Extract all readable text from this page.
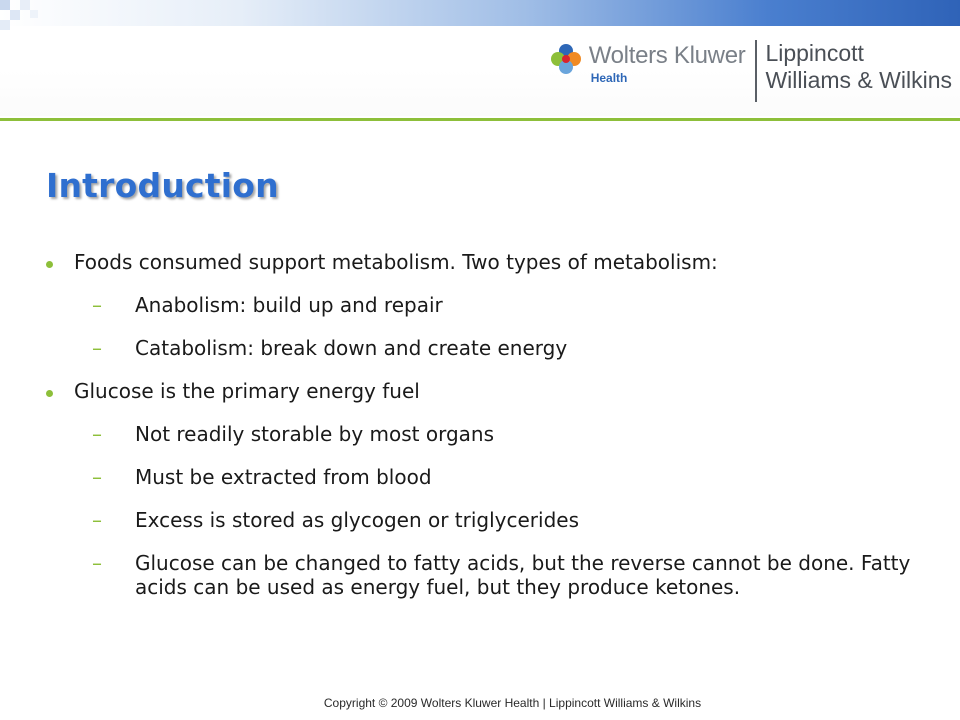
Wolters Kluwer
Health
Lippincott
Williams & Wilkins
Introduction
Foods consumed support metabolism. Two types of metabolism:
– Anabolism: build up and repair
– Catabolism: break down and create energy
Glucose is the primary energy fuel
– Not readily storable by most organs
– Must be extracted from blood
– Excess is stored as glycogen or triglycerides
– Glucose can be changed to fatty acids, but the reverse cannot be done. Fatty acids can be used as energy fuel, but they produce ketones.
Copyright © 2009 Wolters Kluwer Health | Lippincott Williams & Wilkins
